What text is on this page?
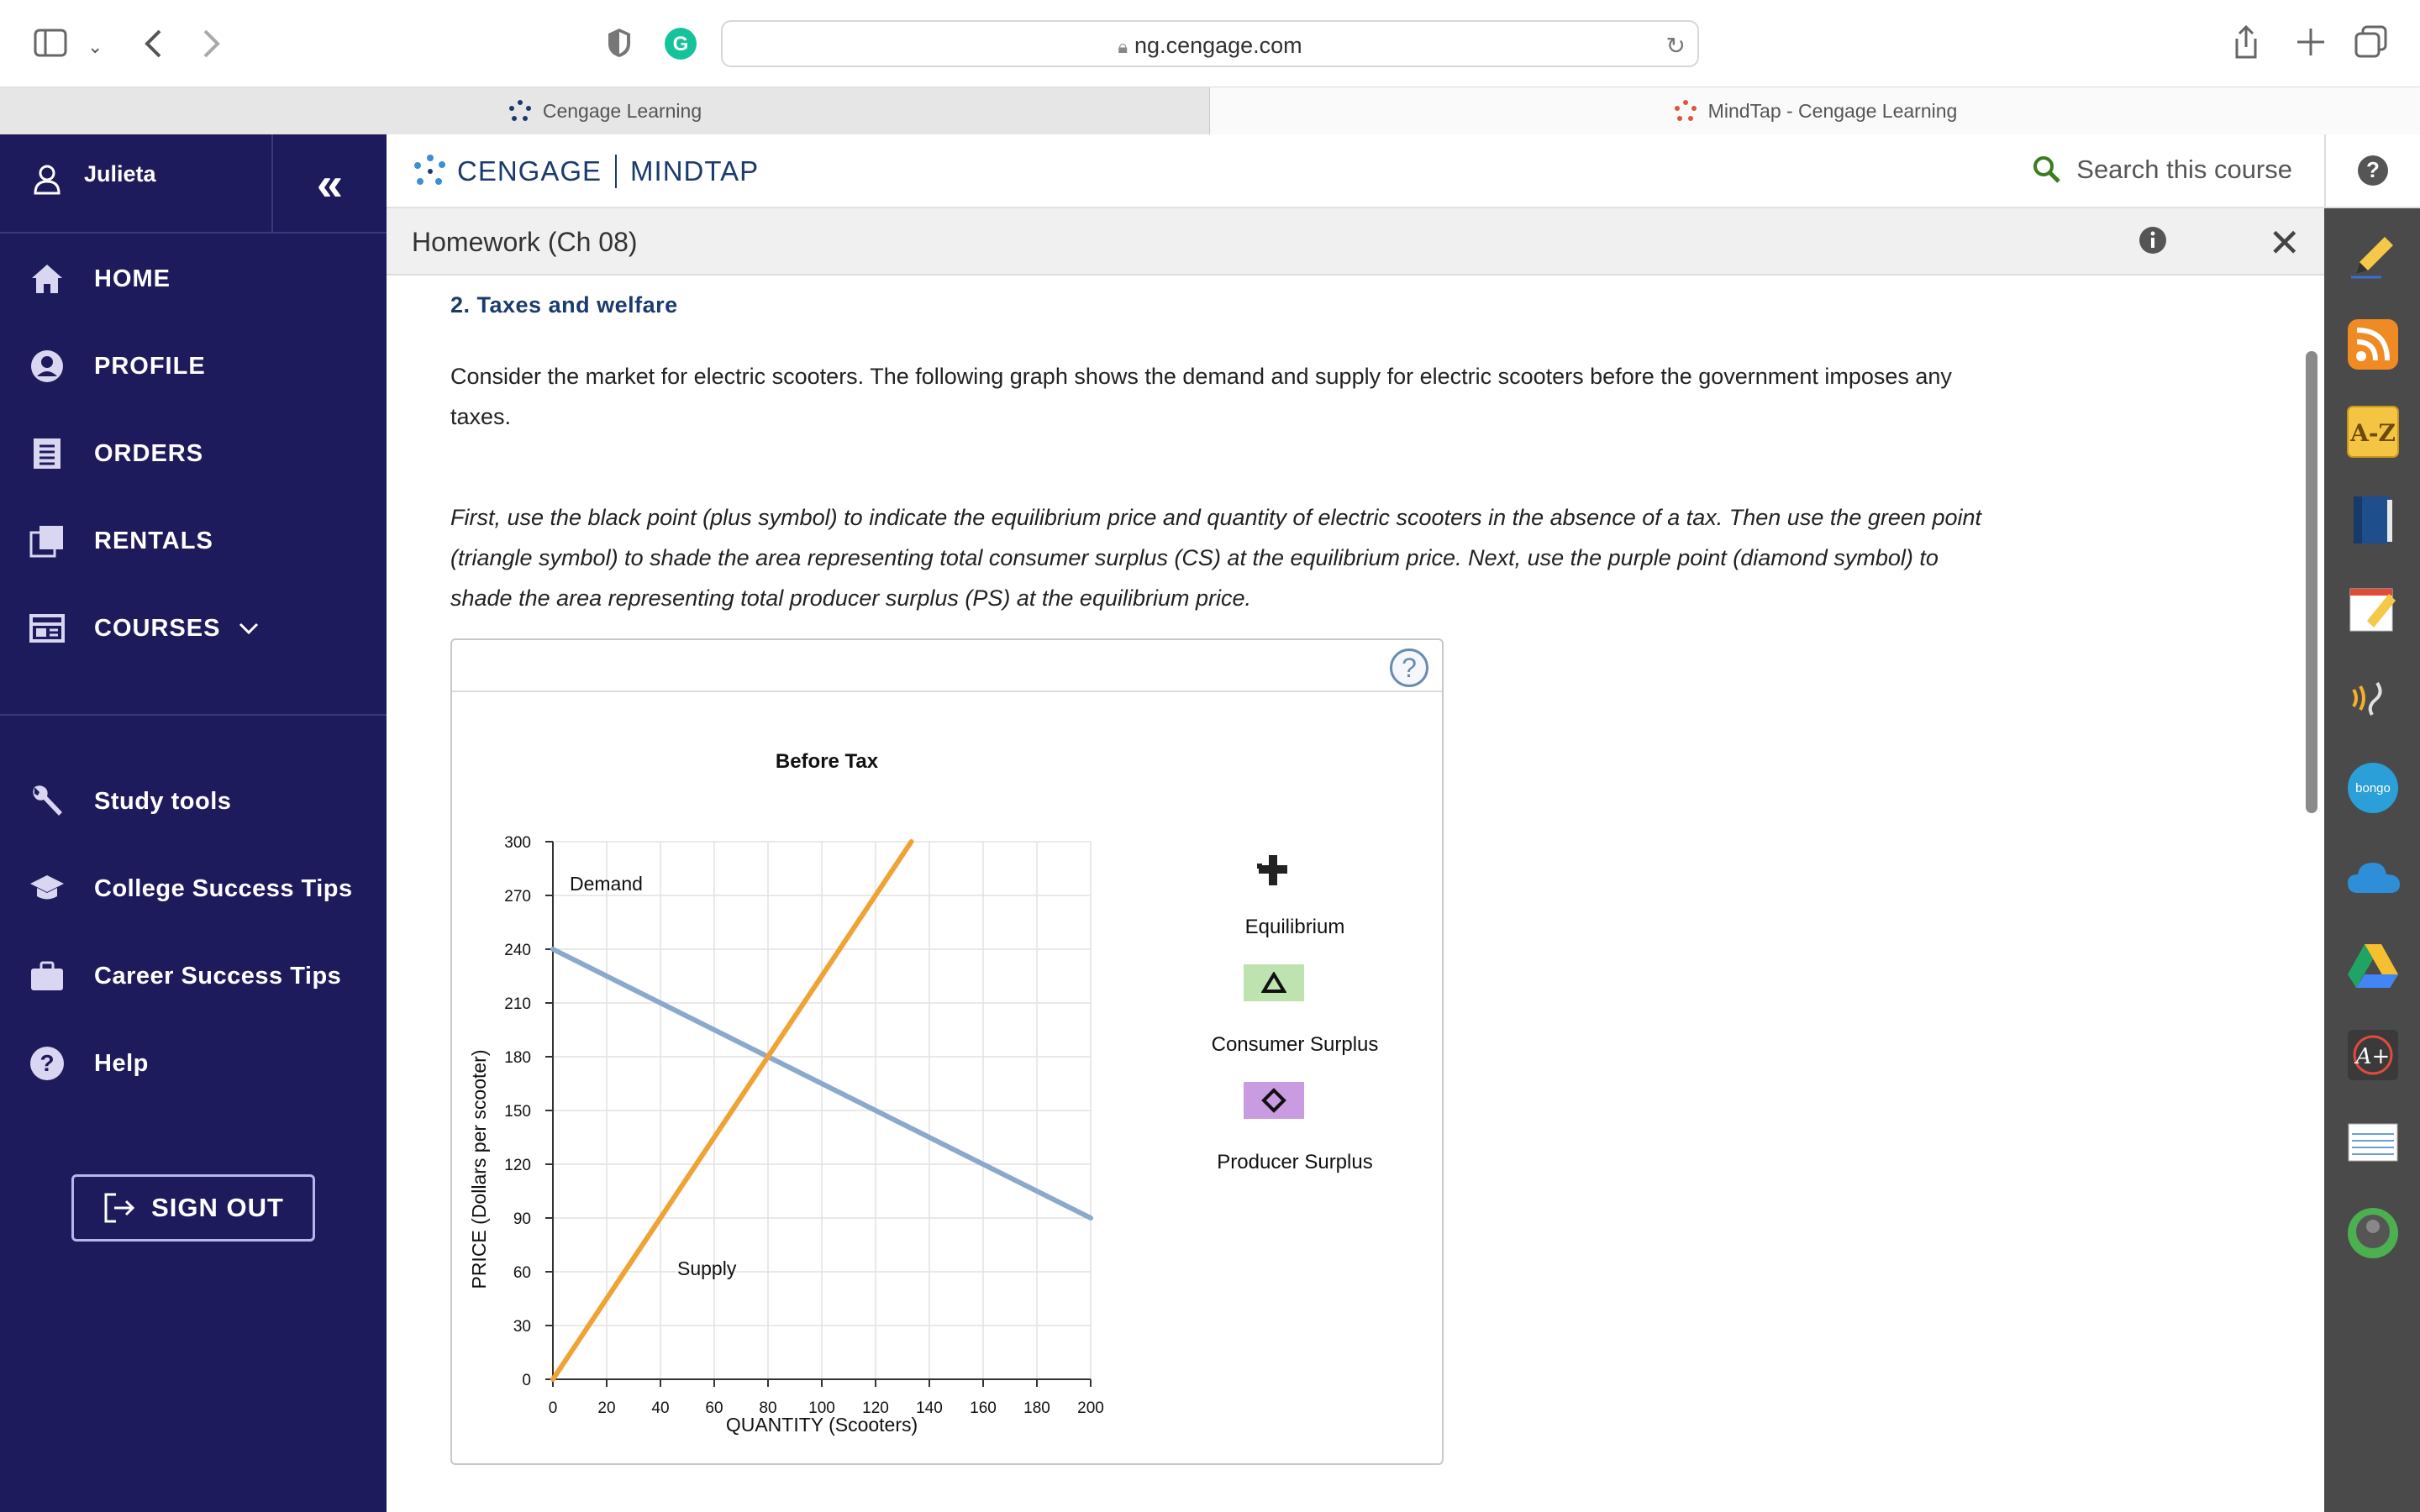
⌄	G	🔒︎ ng.cengage.com	↻
Cengage Learning	MindTap - Cengage Learning
Julieta	«
HOME
PROFILE
ORDERS
RENTALS
COURSES
Study tools
College Success Tips
Career Success Tips
? Help
SIGN OUT
CENGAGE MINDTAP	Search this course	?
A-Z
bongo
A+
Homework (Ch 08)	✕
2. Taxes and welfare
Consider the market for electric scooters. The following graph shows the demand and supply for electric scooters before the government imposes any taxes.
First, use the black point (plus symbol) to indicate the equilibrium price and quantity of electric scooters in the absence of a tax. Then use the green point (triangle symbol) to shade the area representing total consumer surplus (CS) at the equilibrium price. Next, use the purple point (diamond symbol) to shade the area representing total producer surplus (PS) at the equilibrium price.
?
Before Tax
0	20 40 60 80 100 120 140 160 180 200
0
30
60
90
120
150
180
210
240
270
300
QUANTITY (Scooters)
PRICE (Dollars per scooter)
Demand
Supply
Equilibrium
Consumer Surplus
Producer Surplus
